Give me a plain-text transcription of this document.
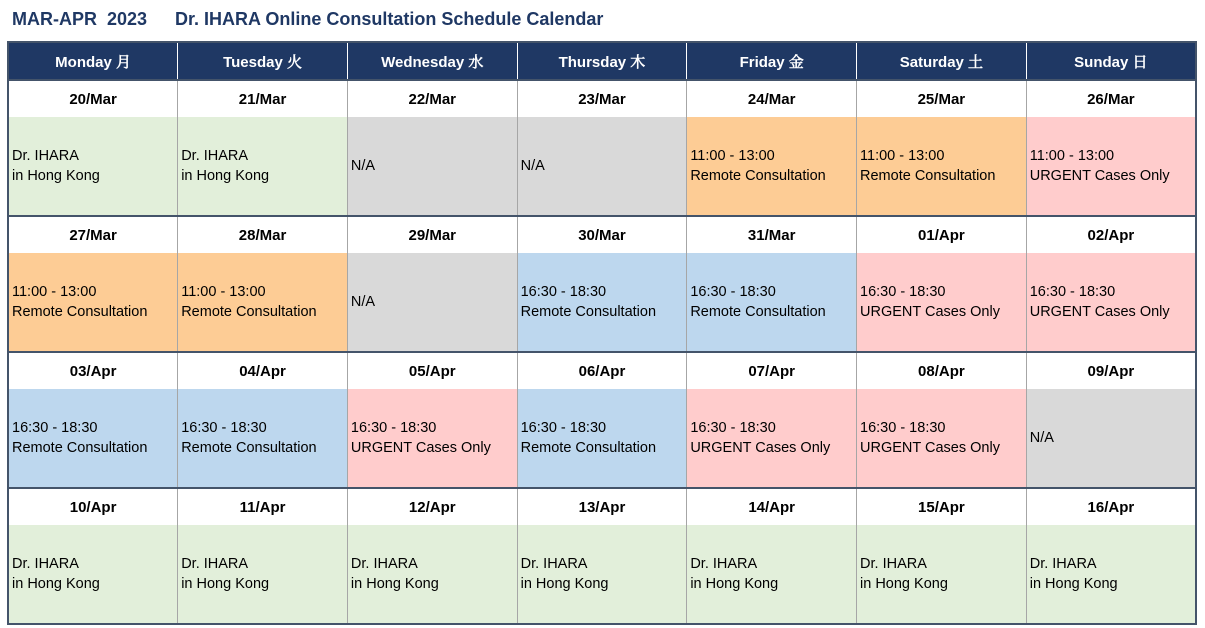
MAR-APR  2023 Dr. IHARA Online Consultation Schedule Calendar
Monday 月	Tuesday 火	Wednesday 水	Thursday 木	Friday 金	Saturday 土	Sunday 日
20/Mar	21/Mar	22/Mar	23/Mar	24/Mar	25/Mar	26/Mar

Dr. IHARA
in Hong Kong	Dr. IHARA
in Hong Kong	N/A	N/A	11:00 - 13:00
Remote Consultation	11:00 - 13:00
Remote Consultation	11:00 - 13:00
URGENT Cases Only

27/Mar	28/Mar	29/Mar	30/Mar	31/Mar	01/Apr	02/Apr

11:00 - 13:00
Remote Consultation	11:00 - 13:00
Remote Consultation	N/A	16:30 - 18:30
Remote Consultation	16:30 - 18:30
Remote Consultation	16:30 - 18:30
URGENT Cases Only	16:30 - 18:30
URGENT Cases Only

03/Apr	04/Apr	05/Apr	06/Apr	07/Apr	08/Apr	09/Apr

16:30 - 18:30
Remote Consultation	16:30 - 18:30
Remote Consultation	16:30 - 18:30
URGENT Cases Only	16:30 - 18:30
Remote Consultation	16:30 - 18:30
URGENT Cases Only	16:30 - 18:30
URGENT Cases Only	N/A

10/Apr	11/Apr	12/Apr	13/Apr	14/Apr	15/Apr	16/Apr

Dr. IHARA
in Hong Kong	Dr. IHARA
in Hong Kong	Dr. IHARA
in Hong Kong	Dr. IHARA
in Hong Kong	Dr. IHARA
in Hong Kong	Dr. IHARA
in Hong Kong	Dr. IHARA
in Hong Kong
